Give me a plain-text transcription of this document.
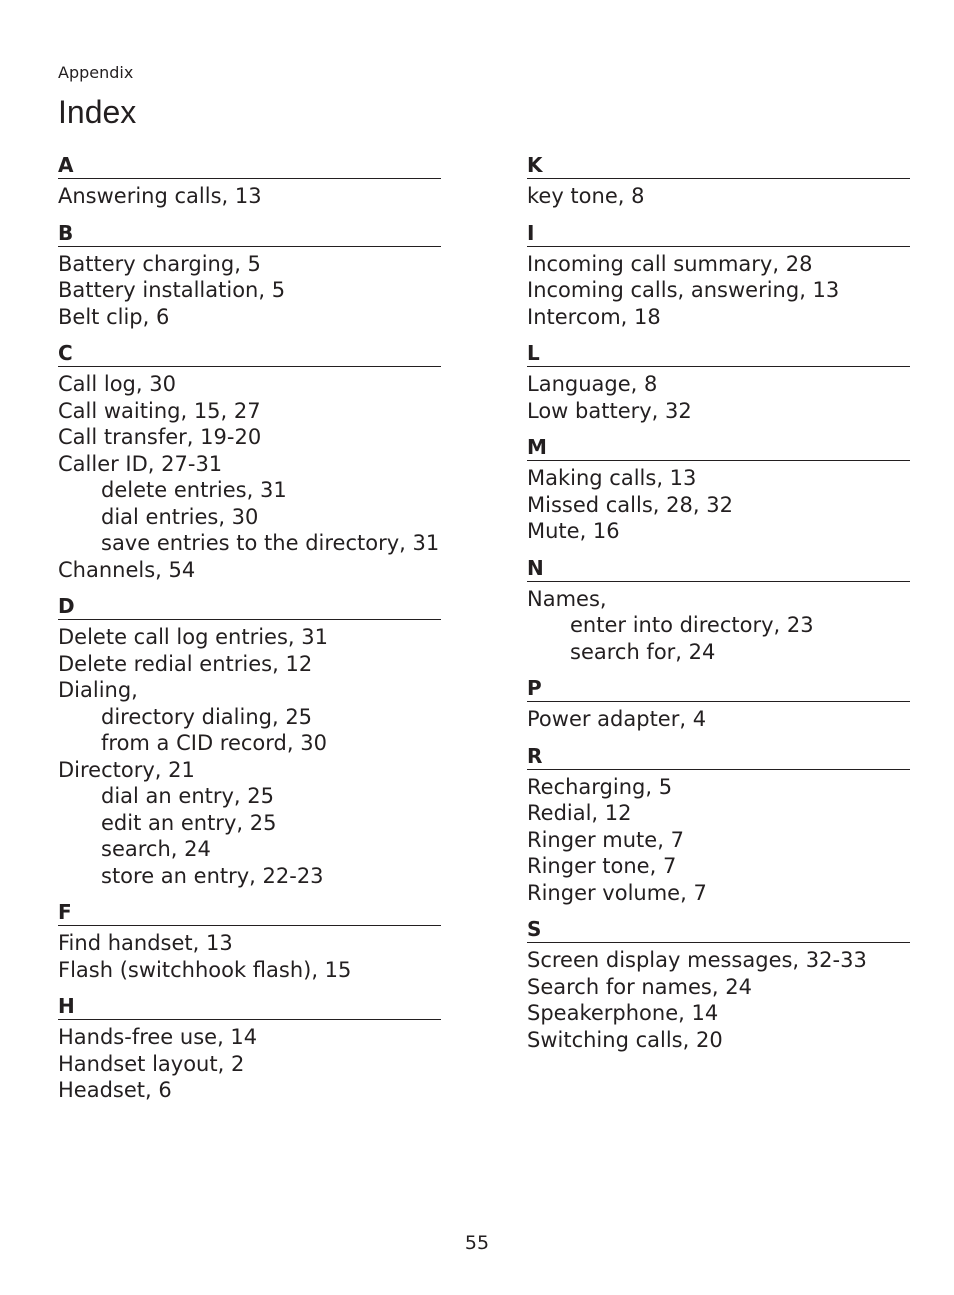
Appendix
Index
A
Answering calls, 13
B
Battery charging, 5
Battery installation, 5
Belt clip, 6
C
Call log, 30
Call waiting, 15, 27
Call transfer, 19-20
Caller ID, 27-31
delete entries, 31
dial entries, 30
save entries to the directory, 31
Channels, 54
D
Delete call log entries, 31
Delete redial entries, 12
Dialing,
directory dialing, 25
from a CID record, 30
Directory, 21
dial an entry, 25
edit an entry, 25
search, 24
store an entry, 22-23
F
Find handset, 13
Flash (switchhook flash), 15
H
Hands-free use, 14
Handset layout, 2
Headset, 6
K
key tone, 8
I
Incoming call summary, 28
Incoming calls, answering, 13
Intercom, 18
L
Language, 8
Low battery, 32
M
Making calls, 13
Missed calls, 28, 32
Mute, 16
N
Names,
enter into directory, 23
search for, 24
P
Power adapter, 4
R
Recharging, 5
Redial, 12
Ringer mute, 7
Ringer tone, 7
Ringer volume, 7
S
Screen display messages, 32-33
Search for names, 24
Speakerphone, 14
Switching calls, 20
55
